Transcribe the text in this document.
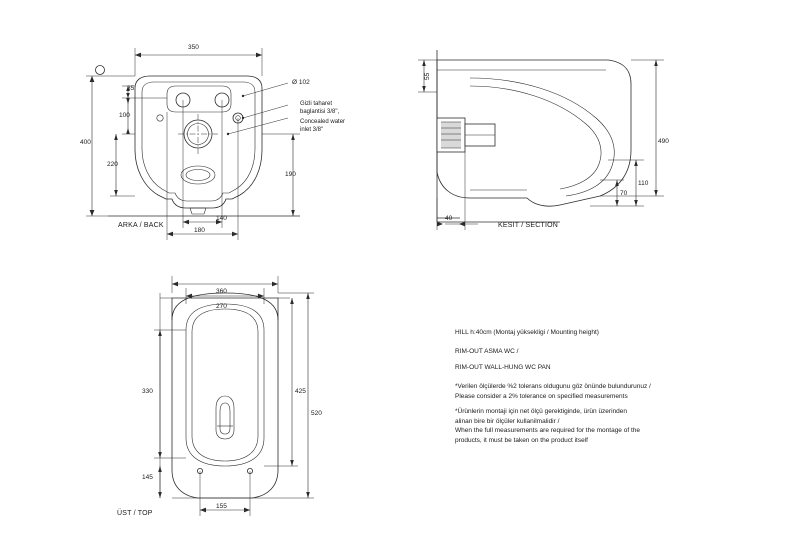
350
400
35
100
220
190
140
180
ARKA / BACK
Ø 102
Gizli taharet
baglantisi 3/8",
Concealed water
inlet 3/8"
55
490
110
70
40
KESIT / SECTION
360
270
330
145
425
520
155
ÜST / TOP
HILL h:40cm (Montaj yüksekligi / Mounting height)
RIM-OUT ASMA WC /
RIM-OUT WALL-HUNG WC PAN
*Verilen ölçülerde %2 tolerans oldugunu göz önünde bulundurunuz /
Please consider a 2% tolerance on specified measurements
*Ürünlerin montaji için net ölçü gerektiginde, ürün üzerinden
alinan bire bir ölçüler kullanilmalidir /
When the full measurements are required for the montage of the
products, it must be taken on the product itself
